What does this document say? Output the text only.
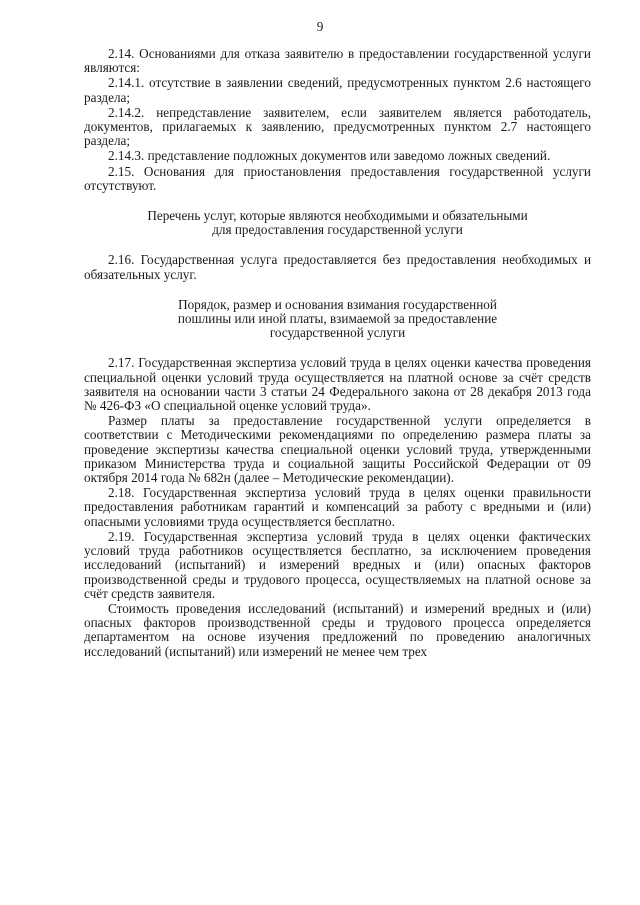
9

2.14. Основаниями для отказа заявителю в предоставлении государственной услуги являются:

2.14.1. отсутствие в заявлении сведений, предусмотренных пунктом 2.6 настоящего раздела;

2.14.2. непредставление заявителем, если заявителем является работодатель, документов, прилагаемых к заявлению, предусмотренных пунктом 2.7 настоящего раздела;

2.14.3. представление подложных документов или заведомо ложных сведений.

2.15. Основания для приостановления предоставления государственной услуги отсутствуют.

Перечень услуг, которые являются необходимыми и обязательными для предоставления государственной услуги

2.16. Государственная услуга предоставляется без предоставления необходимых и обязательных услуг.

Порядок, размер и основания взимания государственной пошлины или иной платы, взимаемой за предоставление государственной услуги

2.17. Государственная экспертиза условий труда в целях оценки качества проведения специальной оценки условий труда осуществляется на платной основе за счёт средств заявителя на основании части 3 статьи 24 Федерального закона от 28 декабря 2013 года № 426-ФЗ «О специальной оценке условий труда».

Размер платы за предоставление государственной услуги определяется в соответствии с Методическими рекомендациями по определению размера платы за проведение экспертизы качества специальной оценки условий труда, утвержденными приказом Министерства труда и социальной защиты Российской Федерации от 09 октября 2014 года № 682н (далее – Методические рекомендации).

2.18. Государственная экспертиза условий труда в целях оценки правильности предоставления работникам гарантий и компенсаций за работу с вредными и (или) опасными условиями труда осуществляется бесплатно.

2.19. Государственная экспертиза условий труда в целях оценки фактических условий труда работников осуществляется бесплатно, за исключением проведения исследований (испытаний) и измерений вредных и (или) опасных факторов производственной среды и трудового процесса, осуществляемых на платной основе за счёт средств заявителя.

Стоимость проведения исследований (испытаний) и измерений вредных и (или) опасных факторов производственной среды и трудового процесса определяется департаментом на основе изучения предложений по проведению аналогичных исследований (испытаний) или измерений не менее чем трех
